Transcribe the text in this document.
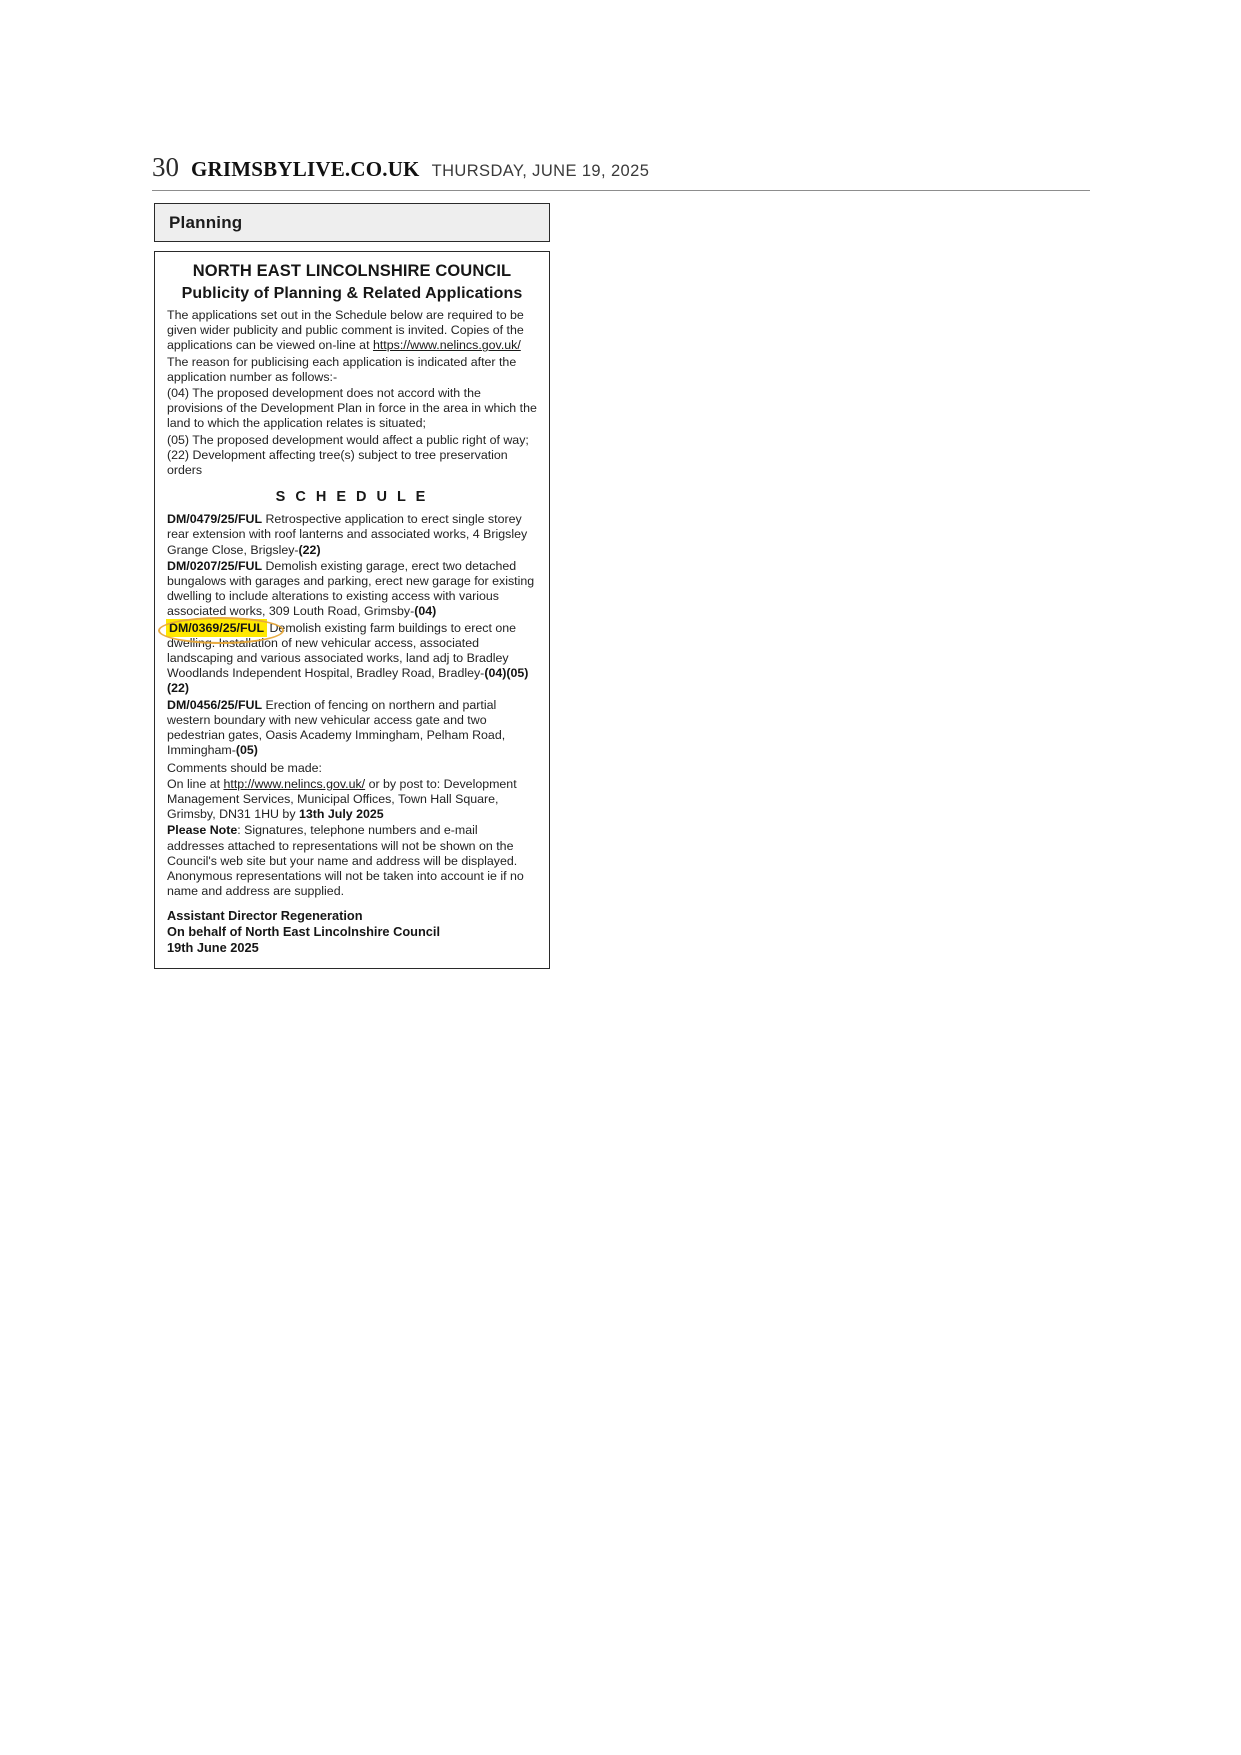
30 GRIMSBYLIVE.CO.UK THURSDAY, JUNE 19, 2025
Planning
NORTH EAST LINCOLNSHIRE COUNCIL
Publicity of Planning & Related Applications

The applications set out in the Schedule below are required to be given wider publicity and public comment is invited. Copies of the applications can be viewed on-line at https://www.nelincs.gov.uk/

The reason for publicising each application is indicated after the application number as follows:-

(04) The proposed development does not accord with the provisions of the Development Plan in force in the area in which the land to which the application relates is situated;

(05) The proposed development would affect a public right of way; (22) Development affecting tree(s) subject to tree preservation orders

S C H E D U L E
DM/0479/25/FUL Retrospective application to erect single storey rear extension with roof lanterns and associated works, 4 Brigsley Grange Close, Brigsley-(22)
DM/0207/25/FUL Demolish existing garage, erect two detached bungalows with garages and parking, erect new garage for existing dwelling to include alterations to existing access with various associated works, 309 Louth Road, Grimsby-(04)
DM/0369/25/FUL Demolish existing farm buildings to erect one dwelling. Installation of new vehicular access, associated landscaping and various associated works, land adj to Bradley Woodlands Independent Hospital, Bradley Road, Bradley-(04)(05)(22)
DM/0456/25/FUL Erection of fencing on northern and partial western boundary with new vehicular access gate and two pedestrian gates, Oasis Academy Immingham, Pelham Road, Immingham-(05)
Comments should be made:

On line at http://www.nelincs.gov.uk/ or by post to: Development Management Services, Municipal Offices, Town Hall Square, Grimsby, DN31 1HU by 13th July 2025

Please Note: Signatures, telephone numbers and e-mail addresses attached to representations will not be shown on the Council's web site but your name and address will be displayed. Anonymous representations will not be taken into account ie if no name and address are supplied.

Assistant Director Regeneration
On behalf of North East Lincolnshire Council
19th June 2025
